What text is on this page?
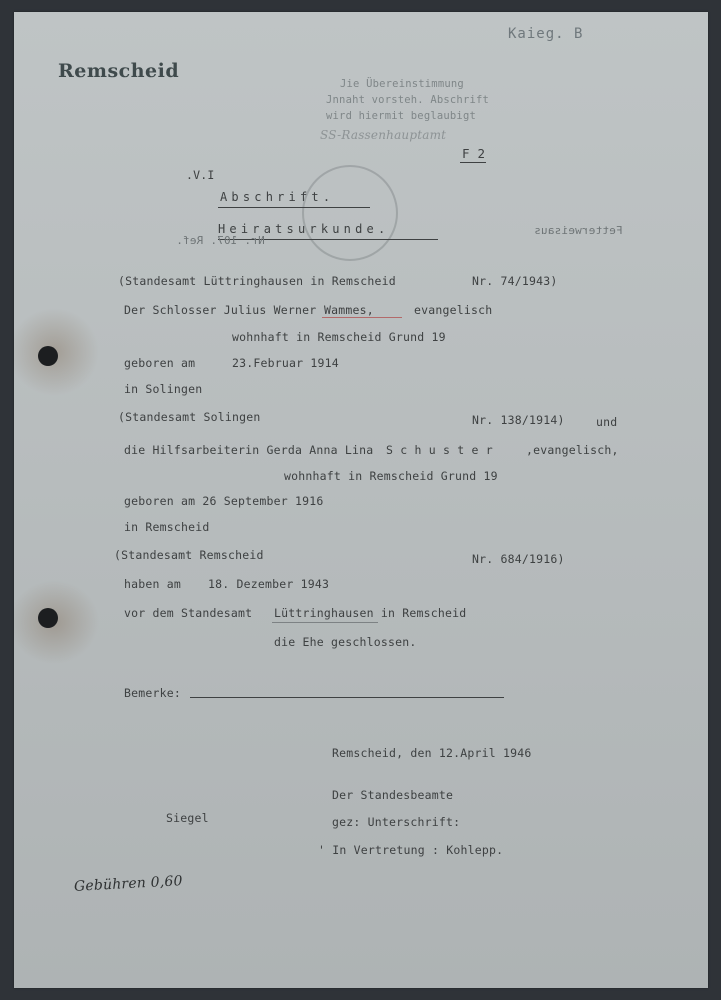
Remscheid
Kaieg. B
Jie Übereinstimmung
Jnnaht vorsteh. Abschrift
wird hiermit beglaubigt
SS-Rassenhauptamt
F 2
.V.I
Abschrift.
Heiratsurkunde.
Nr. 107. Ref.
Fetterweisaus
(Standesamt Lüttringhausen in Remscheid	Nr. 74/1943)
Der Schlosser Julius Werner Wammes,	evangelisch
wohnhaft in Remscheid Grund 19
geboren am	23.Februar 1914
in Solingen
(Standesamt Solingen	Nr. 138/1914)	und
die Hilfsarbeiterin Gerda Anna Lina S c h u s t e r	,evangelisch,
wohnhaft in Remscheid Grund 19
geboren am 26 September 1916
in Remscheid
(Standesamt Remscheid	Nr. 684/1916)
haben am 18. Dezember 1943
vor dem Standesamt Lüttringhausen in Remscheid
die Ehe geschlossen.
Bemerke:
Remscheid, den 12.April 1946
Der Standesbeamte
Siegel	gez: Unterschrift:
' In Vertretung : Kohlepp.
Gebühren 0,60
